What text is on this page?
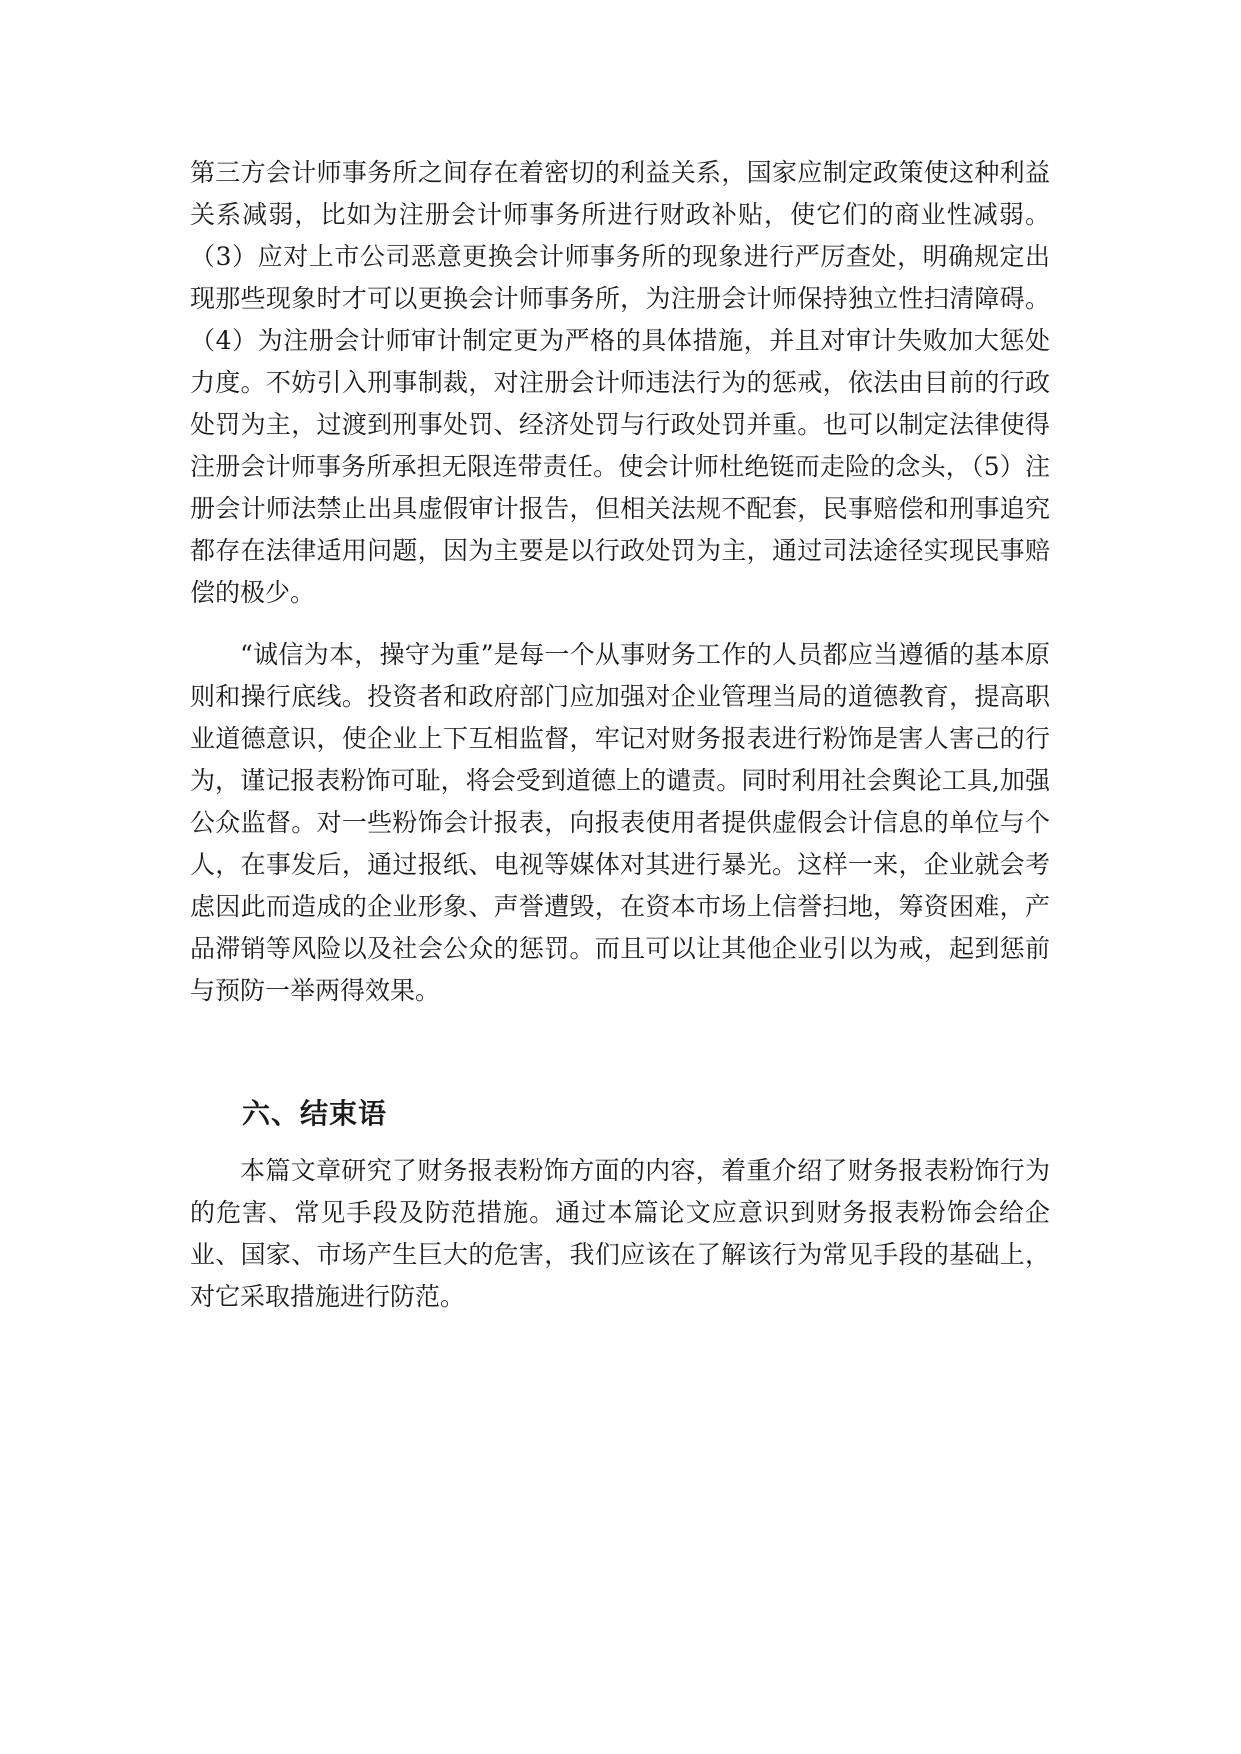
第三方会计师事务所之间存在着密切的利益关系，国家应制定政策使这种利益关系减弱，比如为注册会计师事务所进行财政补贴，使它们的商业性减弱。（3）应对上市公司恶意更换会计师事务所的现象进行严厉查处，明确规定出现那些现象时才可以更换会计师事务所，为注册会计师保持独立性扫清障碍。（4）为注册会计师审计制定更为严格的具体措施，并且对审计失败加大惩处力度。不妨引入刑事制裁，对注册会计师违法行为的惩戒，依法由目前的行政处罚为主，过渡到刑事处罚、经济处罚与行政处罚并重。也可以制定法律使得注册会计师事务所承担无限连带责任。使会计师杜绝铤而走险的念头，（5）注册会计师法禁止出具虚假审计报告，但相关法规不配套，民事赔偿和刑事追究都存在法律适用问题，因为主要是以行政处罚为主，通过司法途径实现民事赔偿的极少。

“诚信为本，操守为重”是每一个从事财务工作的人员都应当遵循的基本原则和操行底线。投资者和政府部门应加强对企业管理当局的道德教育，提高职业道德意识，使企业上下互相监督，牢记对财务报表进行粉饰是害人害己的行为，谨记报表粉饰可耻，将会受到道德上的谴责。同时利用社会舆论工具,加强公众监督。对一些粉饰会计报表，向报表使用者提供虚假会计信息的单位与个人，在事发后，通过报纸、电视等媒体对其进行暴光。这样一来，企业就会考虑因此而造成的企业形象、声誉遭毁，在资本市场上信誉扫地，筹资困难，产品滞销等风险以及社会公众的惩罚。而且可以让其他企业引以为戒，起到惩前与预防一举两得效果。

六、结束语

本篇文章研究了财务报表粉饰方面的内容，着重介绍了财务报表粉饰行为的危害、常见手段及防范措施。通过本篇论文应意识到财务报表粉饰会给企业、国家、市场产生巨大的危害，我们应该在了解该行为常见手段的基础上，对它采取措施进行防范。
